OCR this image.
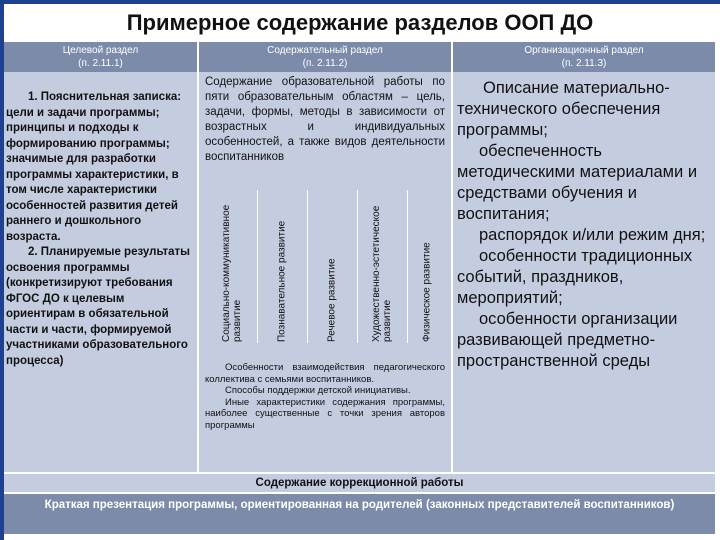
Примерное содержание разделов ООП ДО
Целевой раздел
(п. 2.11.1)
Содержательный раздел
(п. 2.11.2)
Организационный раздел
(п. 2.11.3)

1. Пояснительная записка: цели и задачи программы; принципы и подходы к формированию программы; значимые для разработки программы характеристики, в том числе характеристики особенностей развития детей раннего и дошкольного возраста.

2. Планируемые результаты освоения программы (конкретизируют требования ФГОС ДО к целевым ориентирам в обязательной части и части, формируемой участниками образовательного процесса)

Содержание образовательной работы по пяти образовательным областям – цель, задачи, формы, методы в зависимости от возрастных и индивидуальных особенностей, а также видов деятельности воспитанников
Социально-коммуникативное развитие	Познавательное развитие	Речевое развитие	Художественно-эстетическое развитие	Физическое развитие

Особенности взаимодействия педагогического коллектива с семьями воспитанников.

Способы поддержки детской инициативы.

Иные характеристики содержания программы, наиболее существенные с точки зрения авторов программы

Описание материально-технического обеспечения программы;

обеспеченность методическими материалами и средствами обучения и воспитания;

распорядок и/или режим дня;

особенности традиционных событий, праздников, мероприятий;

особенности организации развивающей предметно-пространственной среды

Содержание коррекционной работы
Краткая презентация программы, ориентированная на родителей (законных представителей воспитанников)
